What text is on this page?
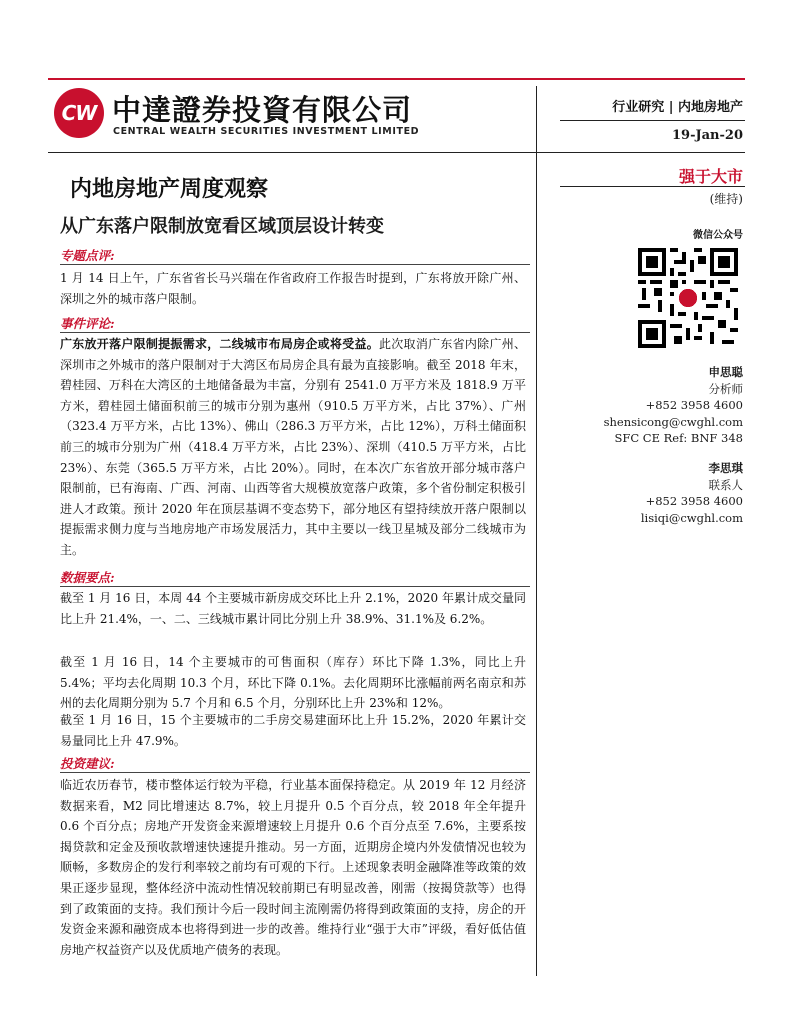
CW 中達證券投資有限公司
CENTRAL WEALTH SECURITIES INVESTMENT LIMITED
行业研究 | 内地房地产
19-Jan-20
内地房地产周度观察
从广东落户限制放宽看区域顶层设计转变
专题点评:
1 月 14 日上午，广东省省长马兴瑞在作省政府工作报告时提到，广东将放开除广州、深圳之外的城市落户限制。
事件评论:
广东放开落户限制提振需求，二线城市布局房企或将受益。此次取消广东省内除广州、深圳市之外城市的落户限制对于大湾区布局房企具有最为直接影响。截至 2018 年末，碧桂园、万科在大湾区的土地储备最为丰富，分别有 2541.0 万平方米及 1818.9 万平方米，碧桂园土储面积前三的城市分别为惠州（910.5 万平方米，占比 37%）、广州（323.4 万平方米，占比 13%）、佛山（286.3 万平方米，占比 12%），万科土储面积前三的城市分别为广州（418.4 万平方米，占比 23%）、深圳（410.5 万平方米，占比 23%）、东莞（365.5 万平方米，占比 20%）。同时，在本次广东省放开部分城市落户限制前，已有海南、广西、河南、山西等省大规模放宽落户政策，多个省份制定积极引进人才政策。预计 2020 年在顶层基调不变态势下，部分地区有望持续放开落户限制以提振需求侧力度与当地房地产市场发展活力，其中主要以一线卫星城及部分二线城市为主。
数据要点:
截至 1 月 16 日，本周 44 个主要城市新房成交环比上升 2.1%，2020 年累计成交量同比上升 21.4%，一、二、三线城市累计同比分别上升 38.9%、31.1%及 6.2%。
截至 1 月 16 日，14 个主要城市的可售面积（库存）环比下降 1.3%，同比上升 5.4%；平均去化周期 10.3 个月，环比下降 0.1%。去化周期环比涨幅前两名南京和苏州的去化周期分别为 5.7 个月和 6.5 个月，分别环比上升 23%和 12%。
截至 1 月 16 日，15 个主要城市的二手房交易建面环比上升 15.2%，2020 年累计交易量同比上升 47.9%。
投资建议:
临近农历春节，楼市整体运行较为平稳，行业基本面保持稳定。从 2019 年 12 月经济数据来看，M2 同比增速达 8.7%，较上月提升 0.5 个百分点，较 2018 年全年提升 0.6 个百分点；房地产开发资金来源增速较上月提升 0.6 个百分点至 7.6%，主要系按揭贷款和定金及预收款增速快速提升推动。另一方面，近期房企境内外发债情况也较为顺畅，多数房企的发行利率较之前均有可观的下行。上述现象表明金融降准等政策的效果正逐步显现，整体经济中流动性情况较前期已有明显改善，刚需（按揭贷款等）也得到了政策面的支持。我们预计今后一段时间主流刚需仍将得到政策面的支持，房企的开发资金来源和融资成本也将得到进一步的改善。维持行业“强于大市”评级，看好低估值房地产权益资产以及优质地产债务的表现。
强于大市
(维持)
微信公众号
申思聪
分析师
+852 3958 4600
shensicong@cwghl.com
SFC CE Ref: BNF 348
李思琪
联系人
+852 3958 4600
lisiqi@cwghl.com
